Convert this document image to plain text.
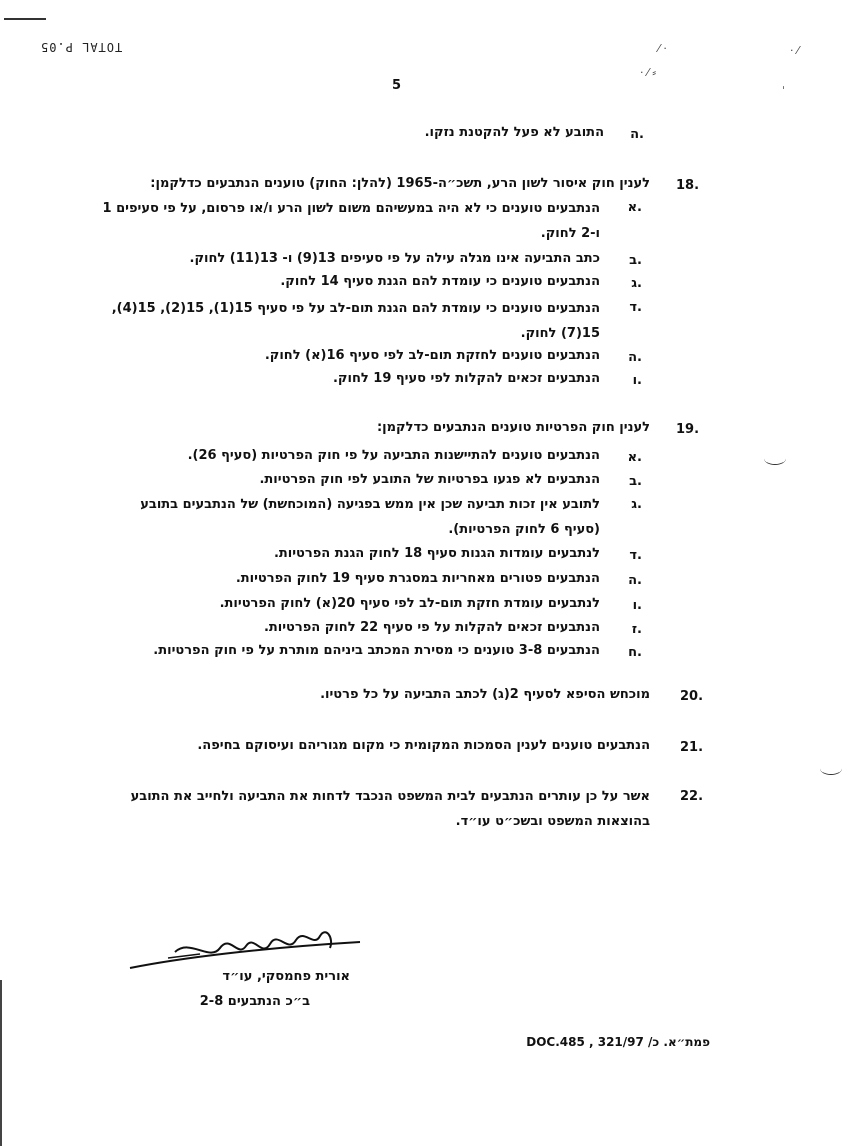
TOTAL P.05	⁄ ·
· ⁄ ⸗
· ⁄
ˈ
5
ה.
התובע לא פעל להקטנת נזקו.
18.
לענין חוק איסור לשון הרע, תשכ״ה-1965 (להלן: החוק) טוענים הנתבעים כדלקמן:
א.
הנתבעים טוענים כי לא היה במעשיהם משום לשון הרע ו/או פרסום, על פי סעיפים 1 ו-2 לחוק.
ב.
כתב התביעה אינו מגלה עילה על פי סעיפים 13(9) ו- 13(11) לחוק.
ג.
הנתבעים טוענים כי עומדת להם הגנת סעיף 14 לחוק.
ד.
הנתבעים טוענים כי עומדת להם הגנת תום-לב על פי סעיף 15(1), 15(2), 15(4), 15(7) לחוק.
ה.
הנתבעים טוענים לחזקת תום-לב לפי סעיף 16(א) לחוק.
ו.
הנתבעים זכאים להקלות לפי סעיף 19 לחוק.
19.
לענין חוק הפרטיות טוענים הנתבעים כדלקמן:
א.
הנתבעים טוענים להתיישנות התביעה על פי חוק הפרטיות (סעיף 26).
ב.
הנתבעים לא פגעו בפרטיות של התובע לפי חוק הפרטיות.
ג.
לתובע אין זכות תביעה שכן אין ממש בפגיעה (המוכחשת) של הנתבעים בתובע (סעיף 6 לחוק הפרטיות).
ד.
לנתבעים עומדות הגנות סעיף 18 לחוק הגנת הפרטיות.
ה.
הנתבעים פטורים מאחריות במסגרת סעיף 19 לחוק הפרטיות.
ו.
לנתבעים עומדת חזקת תום-לב לפי סעיף 20(א) לחוק הפרטיות.
ז.
הנתבעים זכאים להקלות על פי סעיף 22 לחוק הפרטיות.
ח.
הנתבעים 3-8 טוענים כי מסירת המכתב ביניהם מותרת על פי חוק הפרטיות.
20.
מוכחש הסיפא לסעיף 2(ג) לכתב התביעה על כל פרטיו.
21.
הנתבעים טוענים לענין הסמכות המקומית כי מקום מגוריהם ועיסוקם בחיפה.
22.
אשר על כן עותרים הנתבעים לבית המשפט הנכבד לדחות את התביעה ולחייב את התובע בהוצאות המשפט ובשכ״ט עו״ד.
אורית פחמסקי, עו״ד
ב״כ הנתבעים 2-8
פמת״א. כ/ 321/97 , DOC.485
